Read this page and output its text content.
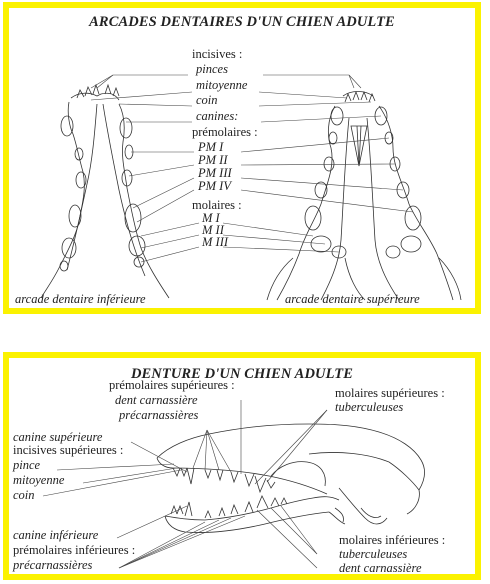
ARCADES DENTAIRES D'UN CHIEN ADULTE
incisives :
pinces
mitoyenne
coin
canines:
prémolaires :
PM I
PM II
PM III
PM IV
molaires :
M I
M II
M III
arcade dentaire inférieure	arcade dentaire supérieure
DENTURE D'UN CHIEN ADULTE
prémolaires supérieures :
dent carnassière
précarnassières
molaires supérieures :
tuberculeuses
canine supérieure
incisives supérieures :
pince
mitoyenne
coin
canine inférieure
prémolaires inférieures :
précarnassières
molaires inférieures :
tuberculeuses
dent carnassière
